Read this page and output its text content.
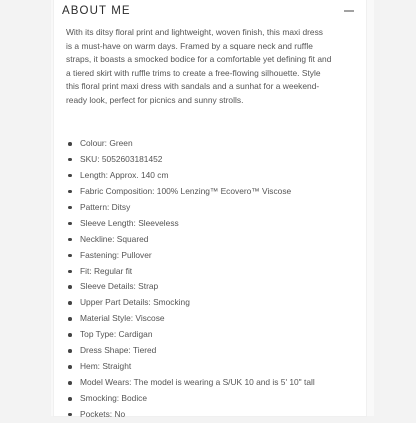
ABOUT ME

With its ditsy floral print and lightweight, woven finish, this maxi dress
is a must-have on warm days. Framed by a square neck and ruffle
straps, it boasts a smocked bodice for a comfortable yet defining fit and
a tiered skirt with ruffle trims to create a free-flowing silhouette. Style
this floral print maxi dress with sandals and a sunhat for a weekend-
ready look, perfect for picnics and sunny strolls.

Colour: Green
SKU: 5052603181452
Length: Approx. 140 cm
Fabric Composition: 100% Lenzing™ Ecovero™ Viscose
Pattern: Ditsy
Sleeve Length: Sleeveless
Neckline: Squared
Fastening: Pullover
Fit: Regular fit
Sleeve Details: Strap
Upper Part Details: Smocking
Material Style: Viscose
Top Type: Cardigan
Dress Shape: Tiered
Hem: Straight
Model Wears: The model is wearing a S/UK 10 and is 5' 10" tall
Smocking: Bodice
Pockets: No
